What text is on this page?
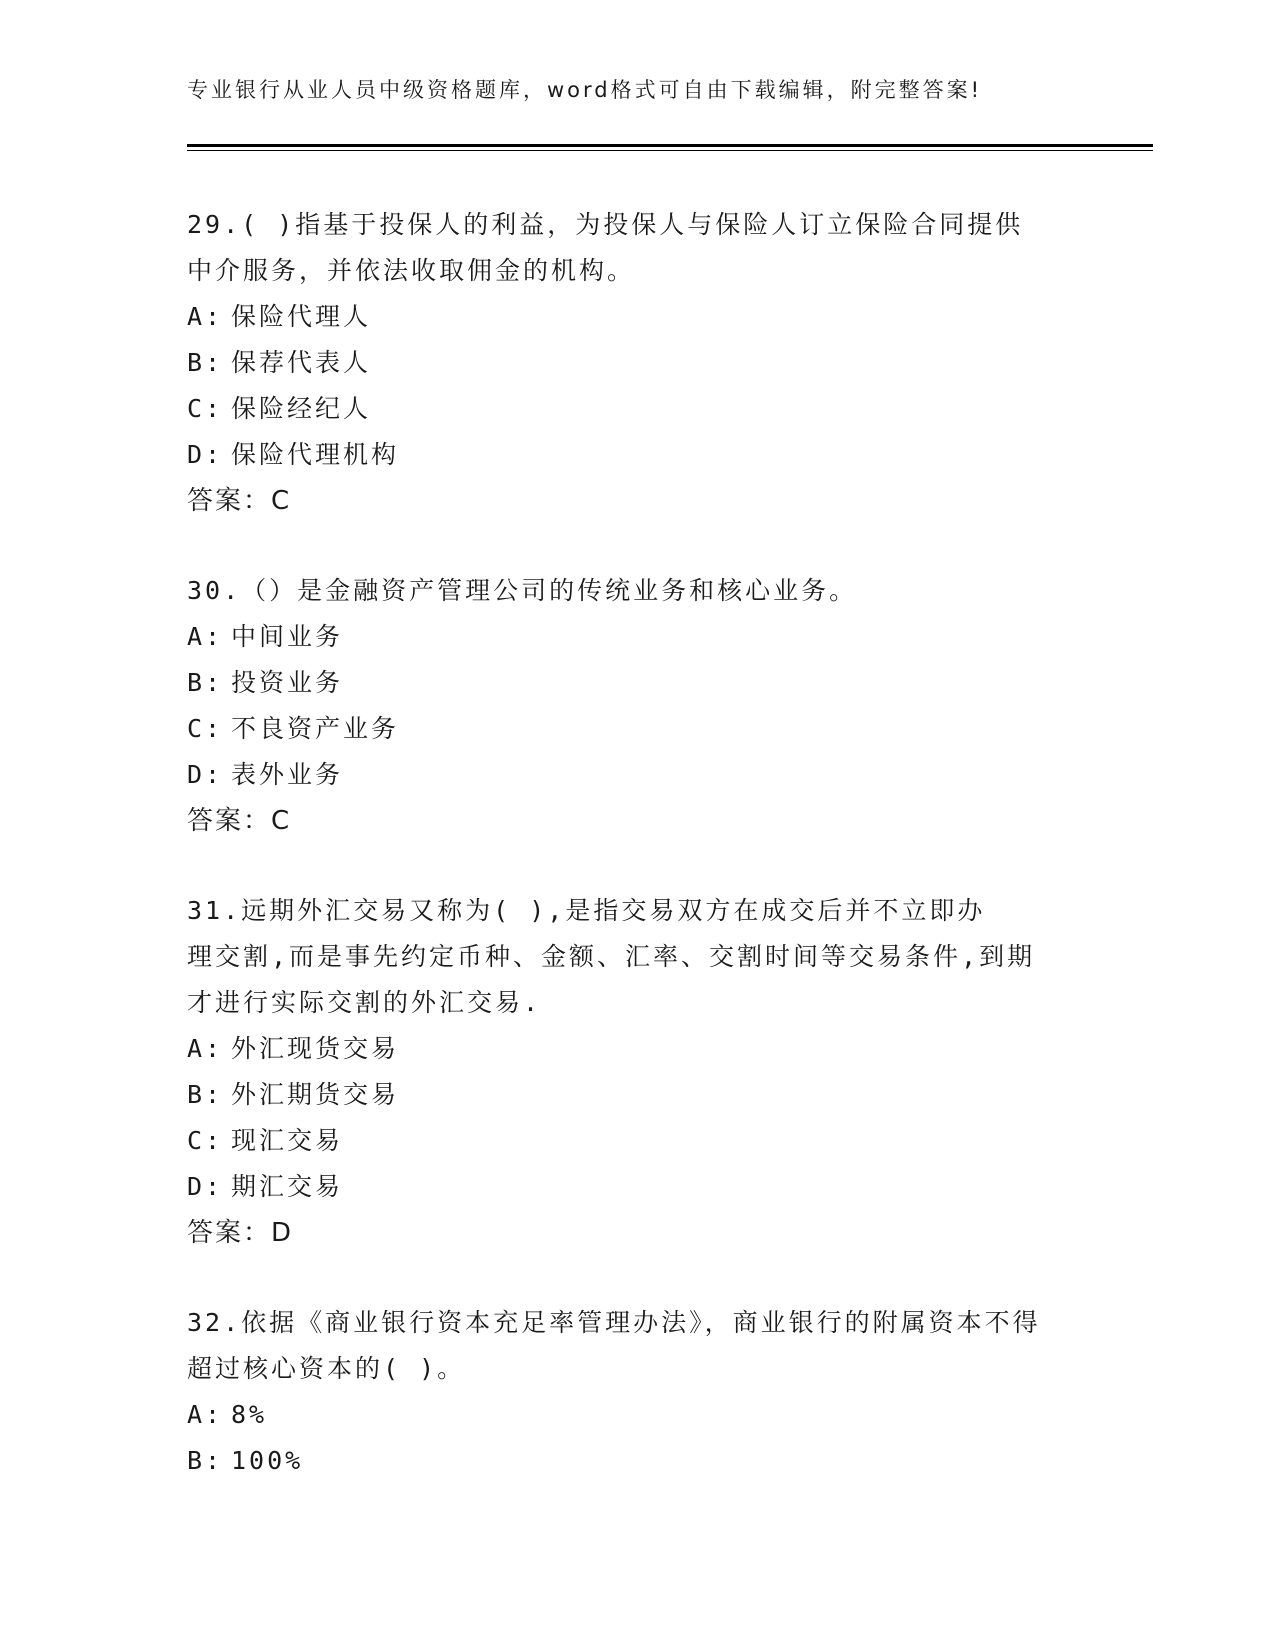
专业银行从业人员中级资格题库，word格式可自由下载编辑，附完整答案!

29.( )指基于投保人的利益，为投保人与保险人订立保险合同提供
中介服务，并依法收取佣金的机构。

A: 保险代理人
B: 保荐代表人
C: 保险经纪人
D: 保险代理机构
答案：C

30.（）是金融资产管理公司的传统业务和核心业务。

A: 中间业务
B: 投资业务
C: 不良资产业务
D: 表外业务
答案：C

31.远期外汇交易又称为( ),是指交易双方在成交后并不立即办
理交割,而是事先约定币种、金额、汇率、交割时间等交易条件,到期
才进行实际交割的外汇交易.

A: 外汇现货交易
B: 外汇期货交易
C: 现汇交易
D: 期汇交易
答案：D

32.依据《商业银行资本充足率管理办法》，商业银行的附属资本不得
超过核心资本的( )。

A: 8%
B: 100%
